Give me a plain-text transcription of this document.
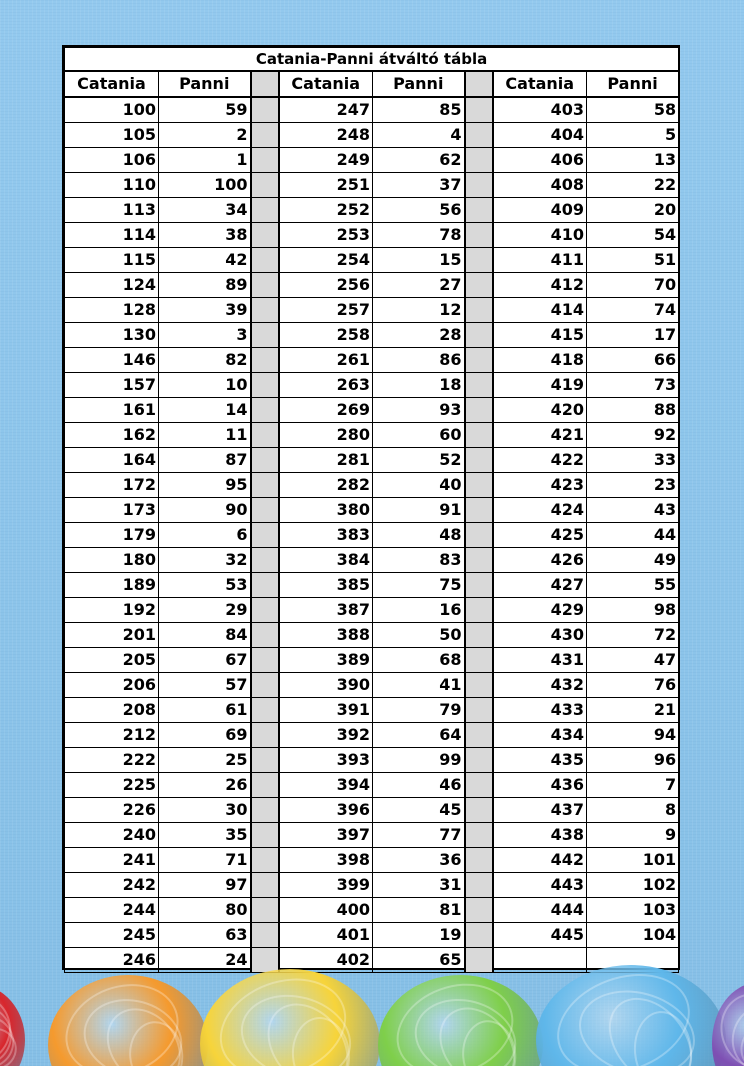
Catania-Panni átváltó tábla							
Catania	Panni		Catania	Panni		Catania	Panni
100	59		247	85		403	58
105	2		248	4		404	5
106	1		249	62		406	13
110	100		251	37		408	22
113	34		252	56		409	20
114	38		253	78		410	54
115	42		254	15		411	51
124	89		256	27		412	70
128	39		257	12		414	74
130	3		258	28		415	17
146	82		261	86		418	66
157	10		263	18		419	73
161	14		269	93		420	88
162	11		280	60		421	92
164	87		281	52		422	33
172	95		282	40		423	23
173	90		380	91		424	43
179	6		383	48		425	44
180	32		384	83		426	49
189	53		385	75		427	55
192	29		387	16		429	98
201	84		388	50		430	72
205	67		389	68		431	47
206	57		390	41		432	76
208	61		391	79		433	21
212	69		392	64		434	94
222	25		393	99		435	96
225	26		394	46		436	7
226	30		396	45		437	8
240	35		397	77		438	9
241	71		398	36		442	101
242	97		399	31		443	102
244	80		400	81		444	103
245	63		401	19		445	104
246	24		402	65			
